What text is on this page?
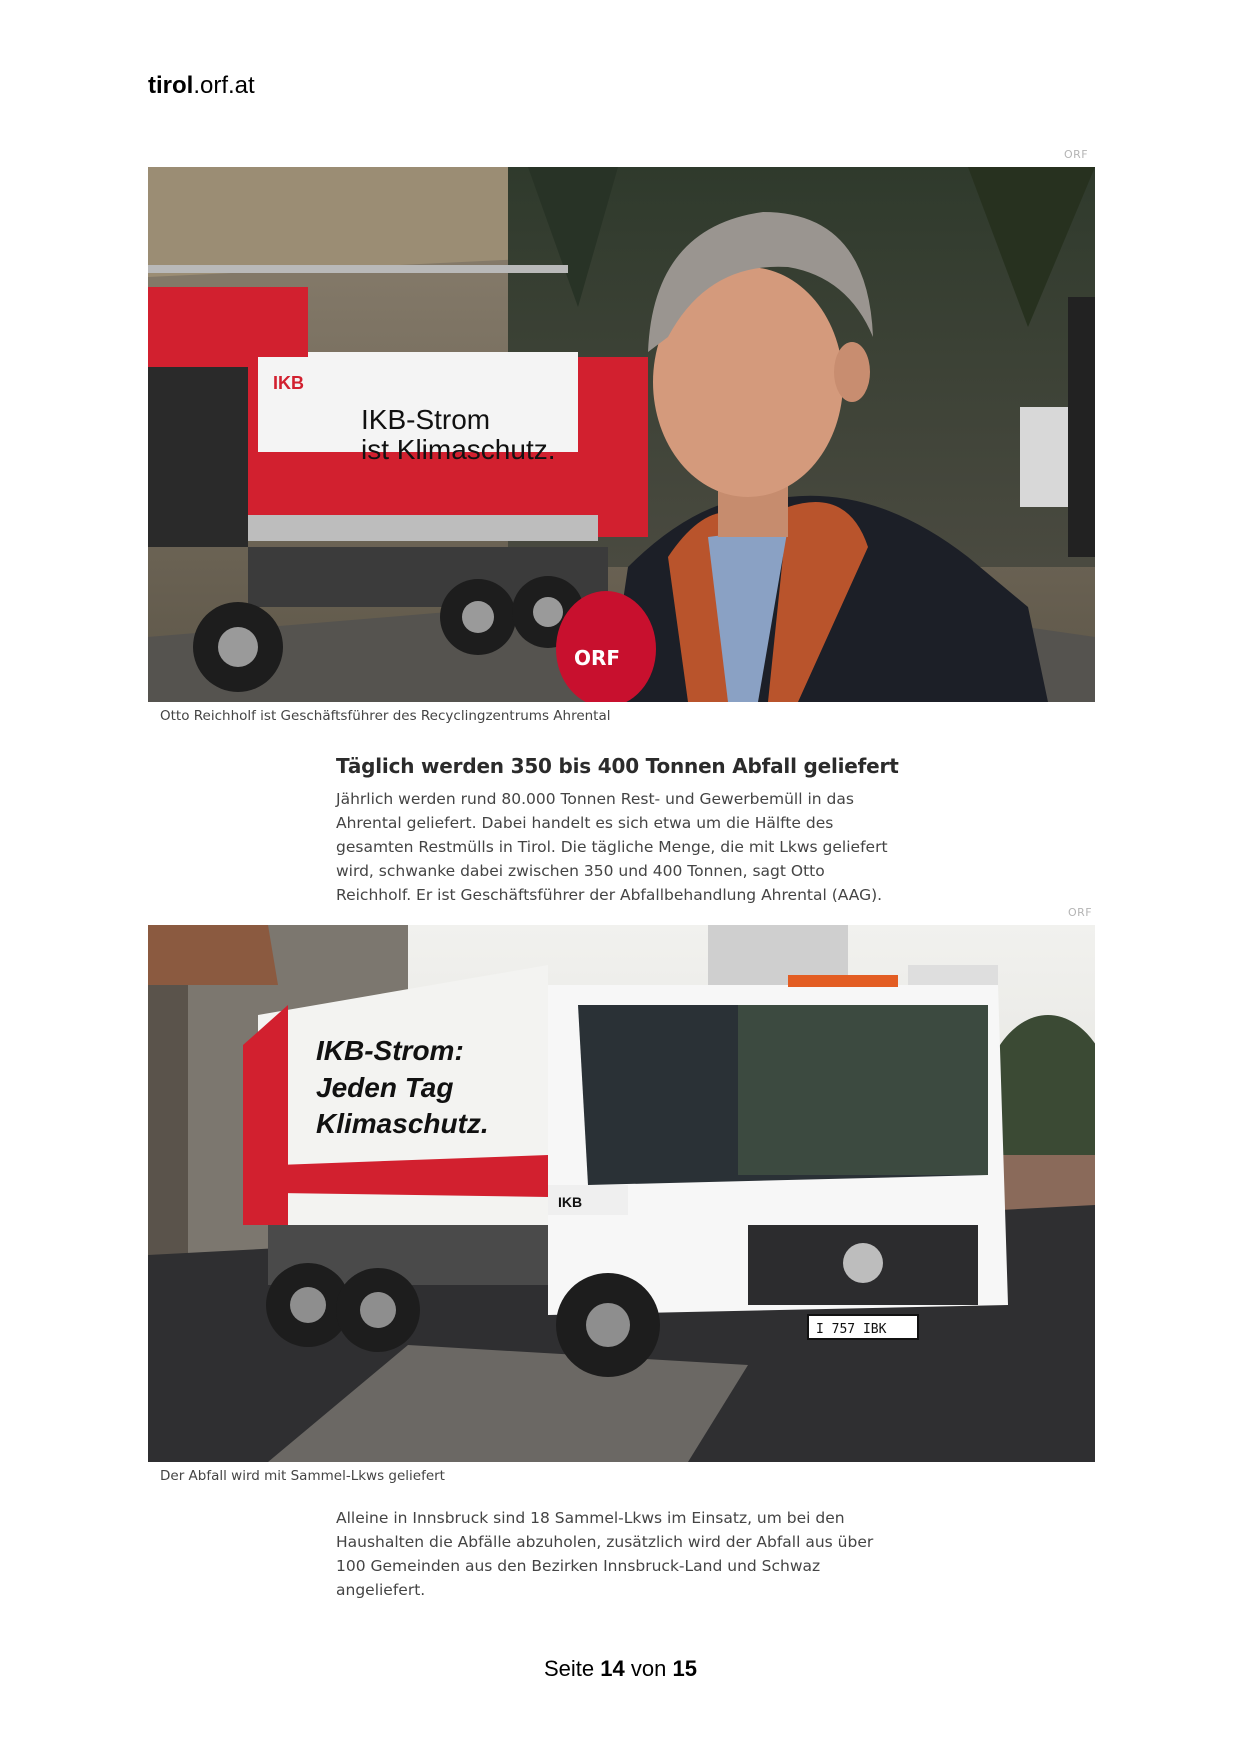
tirol.orf.at
ORF
IKB
IKB-Strom
ist Klimaschutz.
ORF
Otto Reichholf ist Geschäftsführer des Recyclingzentrums Ahrental
Täglich werden 350 bis 400 Tonnen Abfall geliefert

Jährlich werden rund 80.000 Tonnen Rest- und Gewerbemüll in das
Ahrental geliefert. Dabei handelt es sich etwa um die Hälfte des
gesamten Restmülls in Tirol. Die tägliche Menge, die mit Lkws geliefert
wird, schwanke dabei zwischen 350 und 400 Tonnen, sagt Otto
Reichholf. Er ist Geschäftsführer der Abfallbehandlung Ahrental (AAG).

ORF
IKB-Strom:
Jeden Tag
Klimaschutz.
IKB
I 757 IBK
Der Abfall wird mit Sammel-Lkws geliefert

Alleine in Innsbruck sind 18 Sammel-Lkws im Einsatz, um bei den
Haushalten die Abfälle abzuholen, zusätzlich wird der Abfall aus über
100 Gemeinden aus den Bezirken Innsbruck-Land und Schwaz
angeliefert.

Seite 14 von 15
